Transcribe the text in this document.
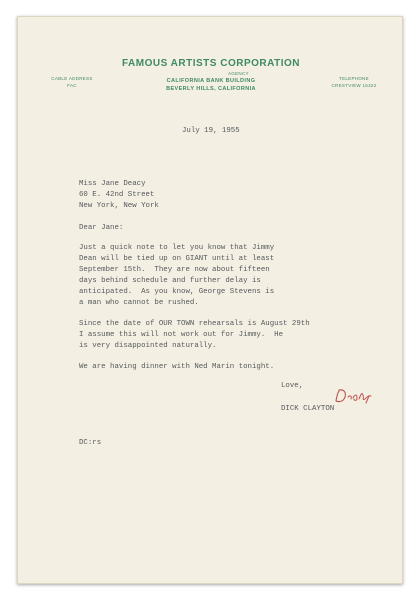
FAMOUS ARTISTS CORPORATION
AGENCY
CALIFORNIA BANK BUILDING
BEVERLY HILLS, CALIFORNIA
CABLE ADDRESS
FAC
TELEPHONE
CRESTVIEW 15322
July 19, 1955
Miss Jane Deacy
60 E. 42nd Street
New York, New York
Dear Jane:
Just a quick note to let you know that Jimmy
Dean will be tied up on GIANT until at least
September 15th.  They are now about fifteen
days behind schedule and further delay is
anticipated.  As you know, George Stevens is
a man who cannot be rushed.
Since the date of OUR TOWN rehearsals is August 29th
I assume this will not work out for Jimmy.  He
is very disappointed naturally.
We are having dinner with Ned Marin tonight.
Love,
DICK CLAYTON
DC:rs
